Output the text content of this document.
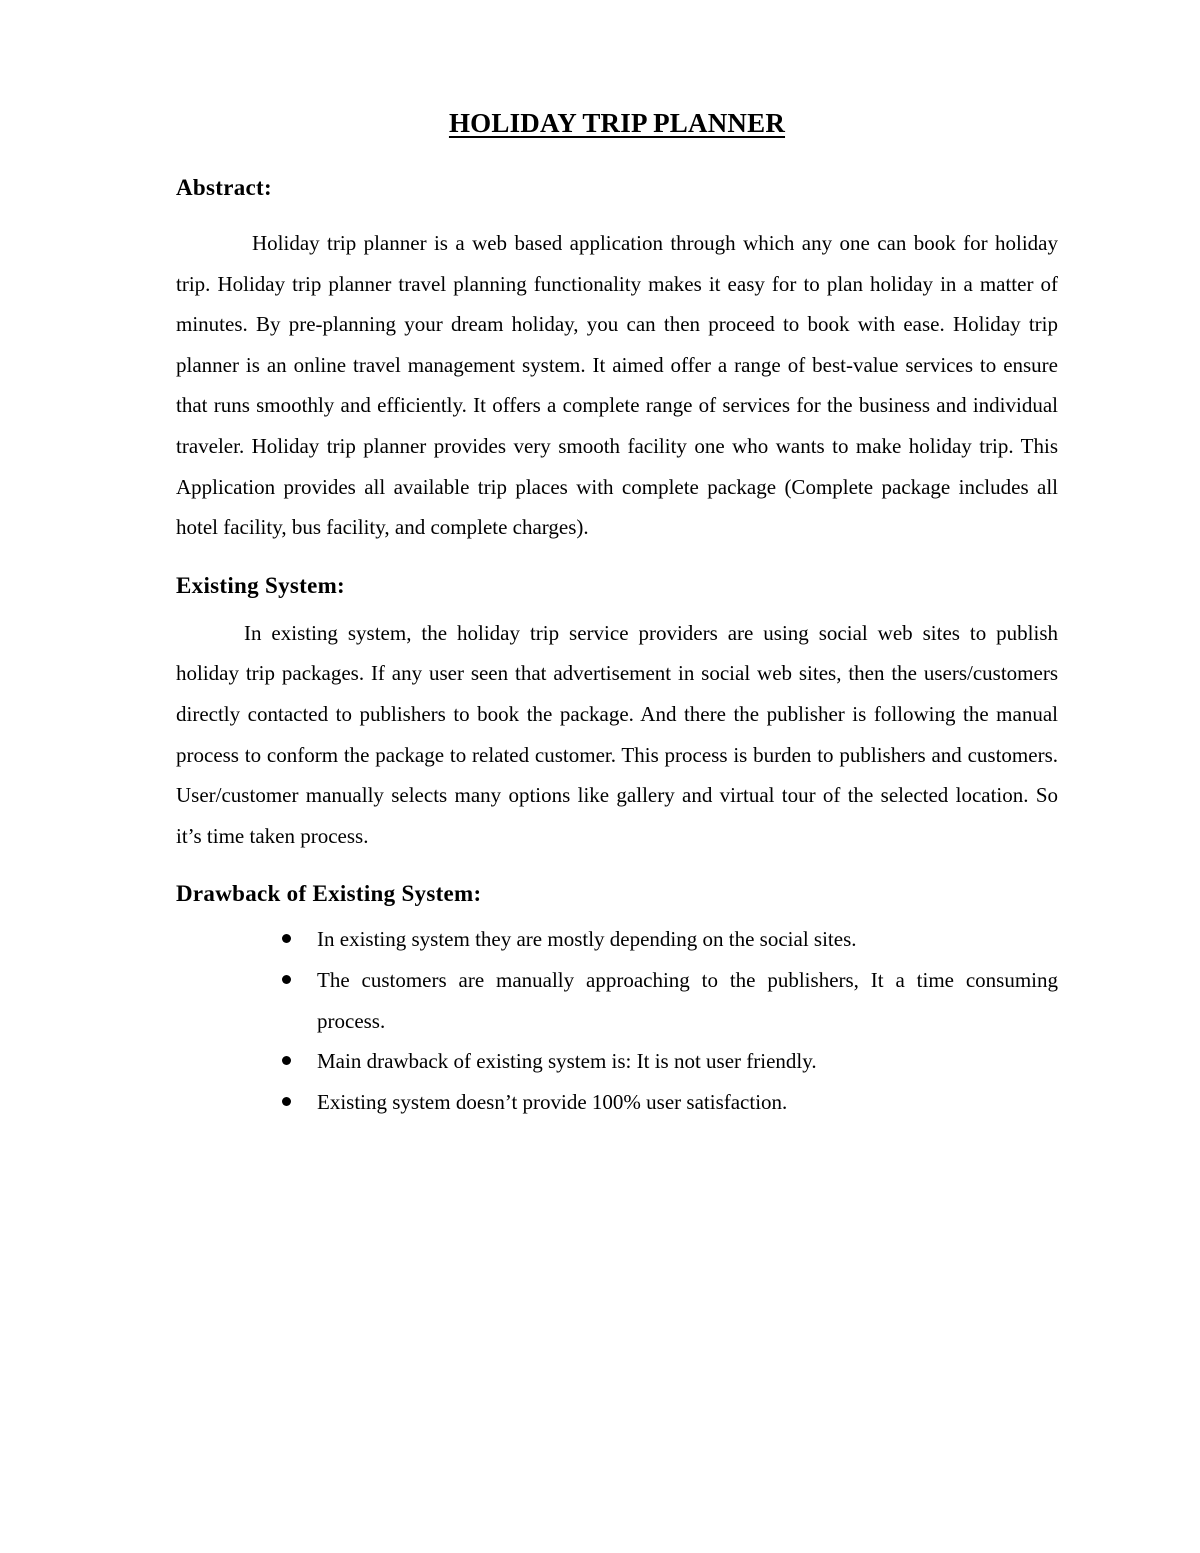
HOLIDAY TRIP PLANNER
Abstract:

Holiday trip planner is a web based application through which any one can book for holiday trip. Holiday trip planner travel planning functionality makes it easy for to plan holiday in a matter of minutes. By pre-planning your dream holiday, you can then proceed to book with ease. Holiday trip planner is an online travel management system. It aimed offer a range of best-value services to ensure that runs smoothly and efficiently. It offers a complete range of services for the business and individual traveler. Holiday trip planner provides very smooth facility one who wants to make holiday trip. This Application provides all available trip places with complete package (Complete package includes all hotel facility, bus facility, and complete charges).

Existing System:

In existing system, the holiday trip service providers are using social web sites to publish holiday trip packages. If any user seen that advertisement in social web sites, then the users/customers directly contacted to publishers to book the package. And there the publisher is following the manual process to conform the package to related customer. This process is burden to publishers and customers. User/customer manually selects many options like gallery and virtual tour of the selected location. So it’s time taken process.

Drawback of Existing System:
In existing system they are mostly depending on the social sites.
The customers are manually approaching to the publishers, It a time consuming process.
Main drawback of existing system is: It is not user friendly.
Existing system doesn’t provide 100% user satisfaction.
